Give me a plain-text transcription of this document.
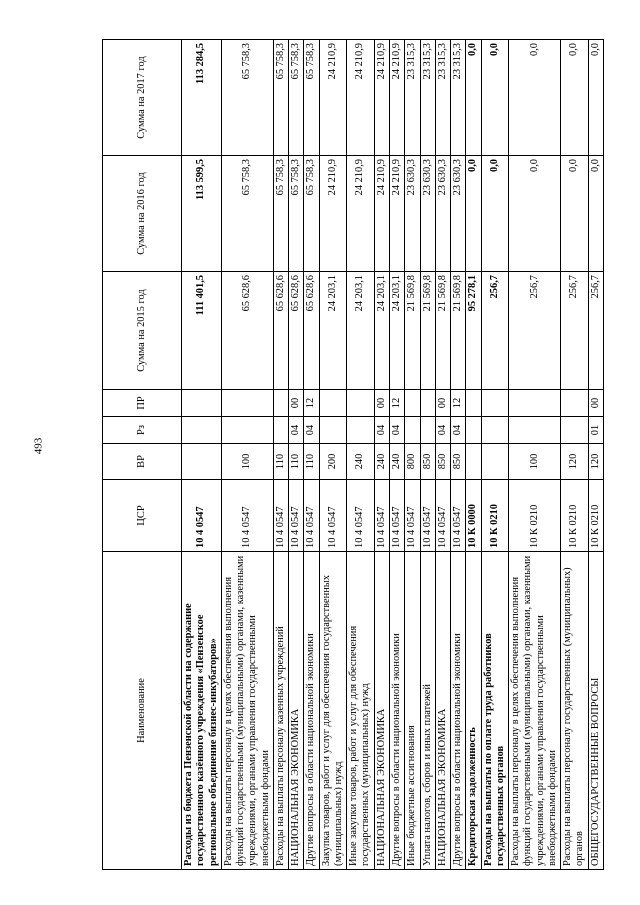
493
Наименование	ЦСР	ВР	Рз	ПР	Сумма на 2015 год	Сумма на 2016 год	Сумма на 2017 год
Расходы из бюджета Пензенской области на содержание государственного казённого учреждения «Пензенское региональное объединение бизнес-инкубаторов»	10 4 0547				111 401,5	113 599,5	113 284,5
Расходы на выплаты персоналу в целях обеспечения выполнения функций государственными (муниципальными) органами, казенными учреждениями, органами управления государственными внебюджетными фондами	10 4 0547	100			65 628,6	65 758,3	65 758,3
Расходы на выплаты персоналу казенных учреждений	10 4 0547	110			65 628,6	65 758,3	65 758,3
НАЦИОНАЛЬНАЯ ЭКОНОМИКА	10 4 0547	110	04	00	65 628,6	65 758,3	65 758,3
Другие вопросы в области национальной экономики	10 4 0547	110	04	12	65 628,6	65 758,3	65 758,3
Закупка товаров, работ и услуг для обеспечения государственных (муниципальных) нужд	10 4 0547	200			24 203,1	24 210,9	24 210,9
Иные закупки товаров, работ и услуг для обеспечения государственных (муниципальных) нужд	10 4 0547	240			24 203,1	24 210,9	24 210,9
НАЦИОНАЛЬНАЯ ЭКОНОМИКА	10 4 0547	240	04	00	24 203,1	24 210,9	24 210,9
Другие вопросы в области национальной экономики	10 4 0547	240	04	12	24 203,1	24 210,9	24 210,9
Иные бюджетные ассигнования	10 4 0547	800			21 569,8	23 630,3	23 315,3
Уплата налогов, сборов и иных платежей	10 4 0547	850			21 569,8	23 630,3	23 315,3
НАЦИОНАЛЬНАЯ ЭКОНОМИКА	10 4 0547	850	04	00	21 569,8	23 630,3	23 315,3
Другие вопросы в области национальной экономики	10 4 0547	850	04	12	21 569,8	23 630,3	23 315,3
Кредиторская задолженность	10 К 0000				95 278,1	0,0	0,0
Расходы на выплаты по оплате труда работников государственных органов	10 К 0210				256,7	0,0	0,0
Расходы на выплаты персоналу в целях обеспечения выполнения функций государственными (муниципальными) органами, казенными учреждениями, органами управления государственными внебюджетными фондами	10 К 0210	100			256,7	0,0	0,0
Расходы на выплаты персоналу государственных (муниципальных) органов	10 К 0210	120			256,7	0,0	0,0
ОБЩЕГОСУДАРСТВЕННЫЕ ВОПРОСЫ	10 К 0210	120	01	00	256,7	0,0	0,0
